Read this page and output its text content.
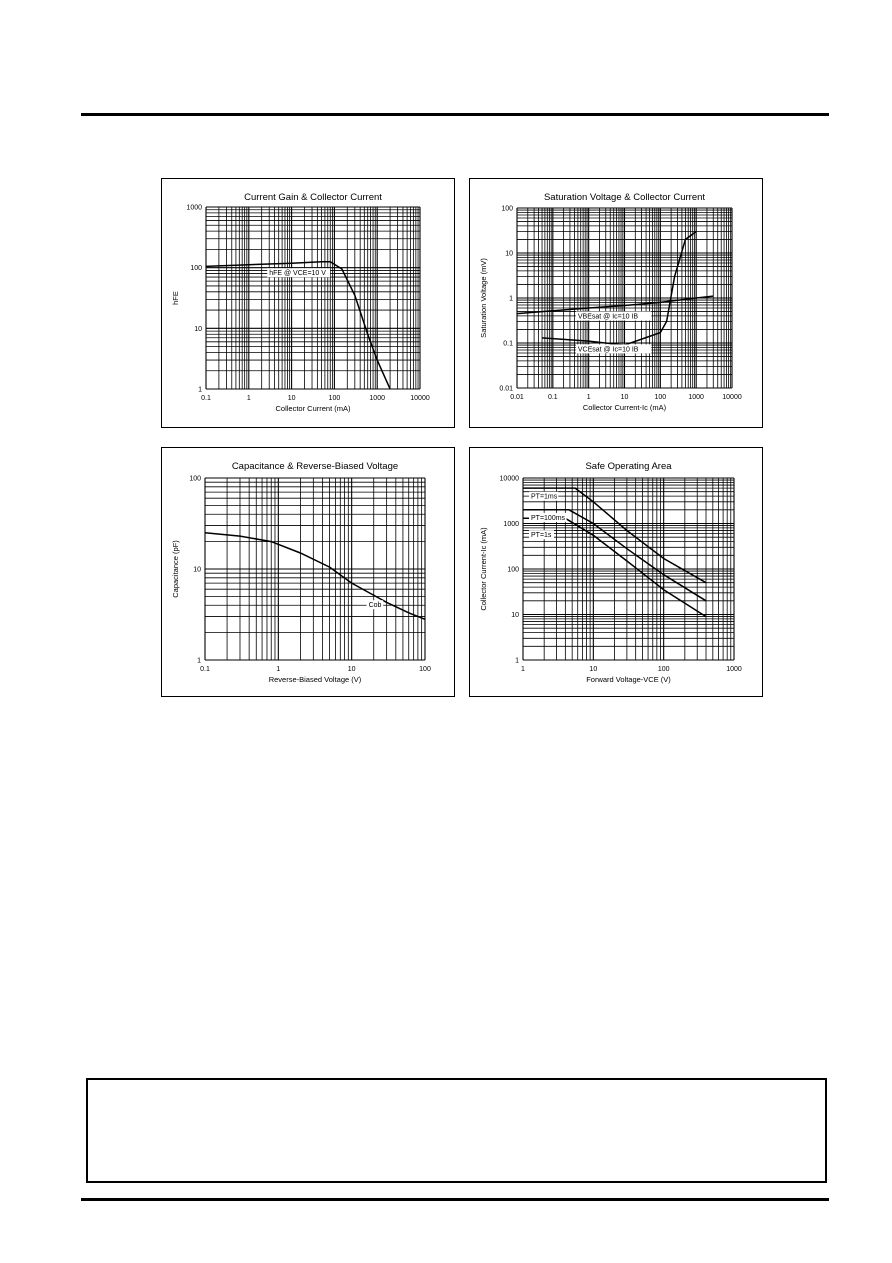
Current Gain & Collector Current
0.1	1	10	100	1000	10000
1
10
100
1000
Collector Current (mA)
hFE
hFE @ VCE=10 V
Saturation Voltage & Collector Current
0.01	0.1	1	10	100	1000	10000
0.01
0.1
1
10
100
Collector Current-Ic (mA)
Saturation Voltage (mV)	VBEsat @ Ic=10 IB
VCEsat @ Ic=10 IB
Capacitance & Reverse-Biased Voltage
0.1	1	10	100
1
10
100
Reverse-Biased Voltage (V)
Capacitance (pF)
Cob
Safe Operating Area
1	10	100	1000
1
10
100
1000
10000
Forward Voltage-VCE (V)
Collector Current-Ic (mA)
PT=1ms
PT=100ms
PT=1s
